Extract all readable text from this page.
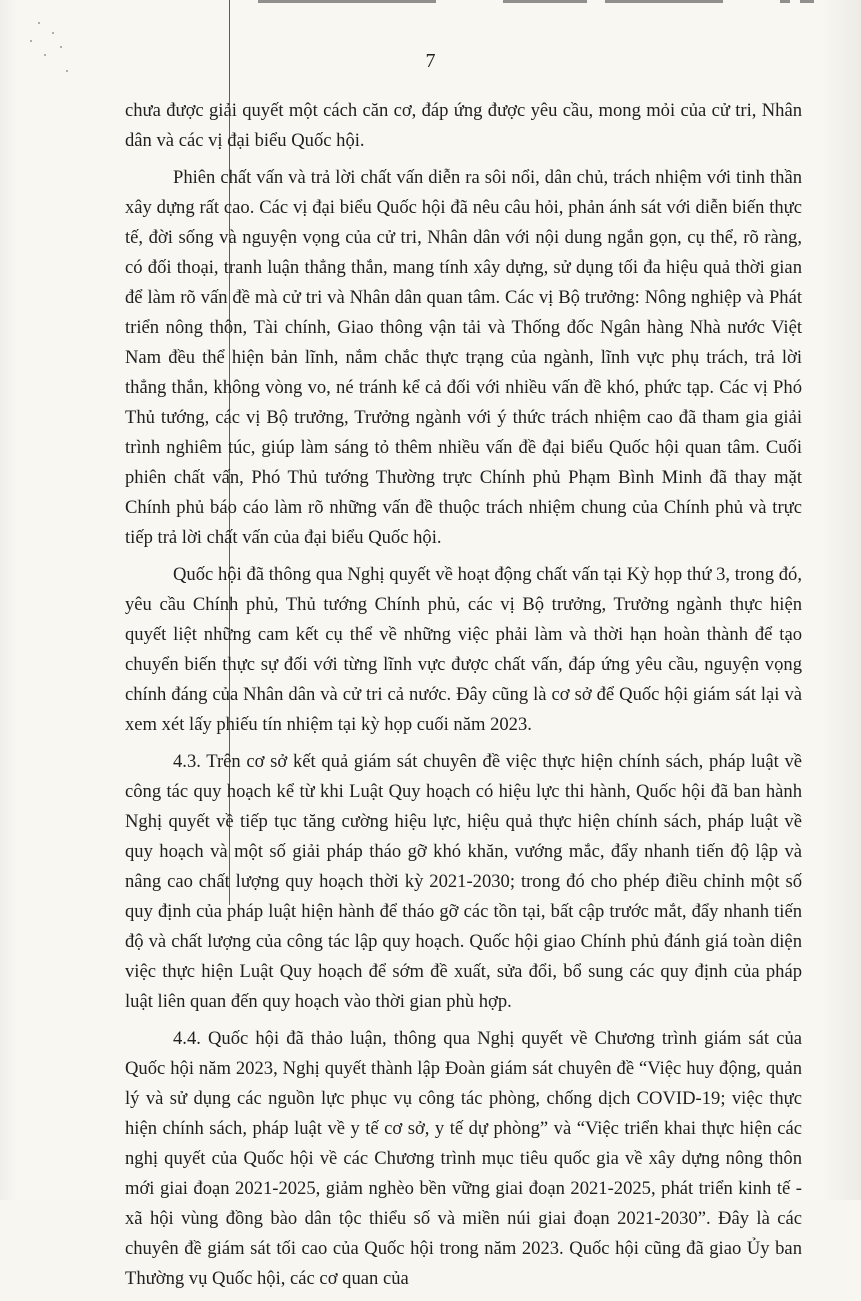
7

chưa được giải quyết một cách căn cơ, đáp ứng được yêu cầu, mong mỏi của cử tri, Nhân dân và các vị đại biểu Quốc hội.

Phiên chất vấn và trả lời chất vấn diễn ra sôi nổi, dân chủ, trách nhiệm với tinh thần xây dựng rất cao. Các vị đại biểu Quốc hội đã nêu câu hỏi, phản ánh sát với diễn biến thực tế, đời sống và nguyện vọng của cử tri, Nhân dân với nội dung ngắn gọn, cụ thể, rõ ràng, có đối thoại, tranh luận thẳng thắn, mang tính xây dựng, sử dụng tối đa hiệu quả thời gian để làm rõ vấn đề mà cử tri và Nhân dân quan tâm. Các vị Bộ trưởng: Nông nghiệp và Phát triển nông thôn, Tài chính, Giao thông vận tải và Thống đốc Ngân hàng Nhà nước Việt Nam đều thể hiện bản lĩnh, nắm chắc thực trạng của ngành, lĩnh vực phụ trách, trả lời thẳng thắn, không vòng vo, né tránh kể cả đối với nhiều vấn đề khó, phức tạp. Các vị Phó Thủ tướng, các vị Bộ trưởng, Trưởng ngành với ý thức trách nhiệm cao đã tham gia giải trình nghiêm túc, giúp làm sáng tỏ thêm nhiều vấn đề đại biểu Quốc hội quan tâm. Cuối phiên chất vấn, Phó Thủ tướng Thường trực Chính phủ Phạm Bình Minh đã thay mặt Chính phủ báo cáo làm rõ những vấn đề thuộc trách nhiệm chung của Chính phủ và trực tiếp trả lời chất vấn của đại biểu Quốc hội.

Quốc hội đã thông qua Nghị quyết về hoạt động chất vấn tại Kỳ họp thứ 3, trong đó, yêu cầu Chính phủ, Thủ tướng Chính phủ, các vị Bộ trưởng, Trưởng ngành thực hiện quyết liệt những cam kết cụ thể về những việc phải làm và thời hạn hoàn thành để tạo chuyển biến thực sự đối với từng lĩnh vực được chất vấn, đáp ứng yêu cầu, nguyện vọng chính đáng của Nhân dân và cử tri cả nước. Đây cũng là cơ sở để Quốc hội giám sát lại và xem xét lấy phiếu tín nhiệm tại kỳ họp cuối năm 2023.

4.3. Trên cơ sở kết quả giám sát chuyên đề việc thực hiện chính sách, pháp luật về công tác quy hoạch kể từ khi Luật Quy hoạch có hiệu lực thi hành, Quốc hội đã ban hành Nghị quyết về tiếp tục tăng cường hiệu lực, hiệu quả thực hiện chính sách, pháp luật về quy hoạch và một số giải pháp tháo gỡ khó khăn, vướng mắc, đẩy nhanh tiến độ lập và nâng cao chất lượng quy hoạch thời kỳ 2021-2030; trong đó cho phép điều chỉnh một số quy định của pháp luật hiện hành để tháo gỡ các tồn tại, bất cập trước mắt, đẩy nhanh tiến độ và chất lượng của công tác lập quy hoạch. Quốc hội giao Chính phủ đánh giá toàn diện việc thực hiện Luật Quy hoạch để sớm đề xuất, sửa đổi, bổ sung các quy định của pháp luật liên quan đến quy hoạch vào thời gian phù hợp.

4.4. Quốc hội đã thảo luận, thông qua Nghị quyết về Chương trình giám sát của Quốc hội năm 2023, Nghị quyết thành lập Đoàn giám sát chuyên đề “Việc huy động, quản lý và sử dụng các nguồn lực phục vụ công tác phòng, chống dịch COVID-19; việc thực hiện chính sách, pháp luật về y tế cơ sở, y tế dự phòng” và “Việc triển khai thực hiện các nghị quyết của Quốc hội về các Chương trình mục tiêu quốc gia về xây dựng nông thôn mới giai đoạn 2021-2025, giảm nghèo bền vững giai đoạn 2021-2025, phát triển kinh tế - xã hội vùng đồng bào dân tộc thiểu số và miền núi giai đoạn 2021-2030”. Đây là các chuyên đề giám sát tối cao của Quốc hội trong năm 2023. Quốc hội cũng đã giao Ủy ban Thường vụ Quốc hội, các cơ quan của
